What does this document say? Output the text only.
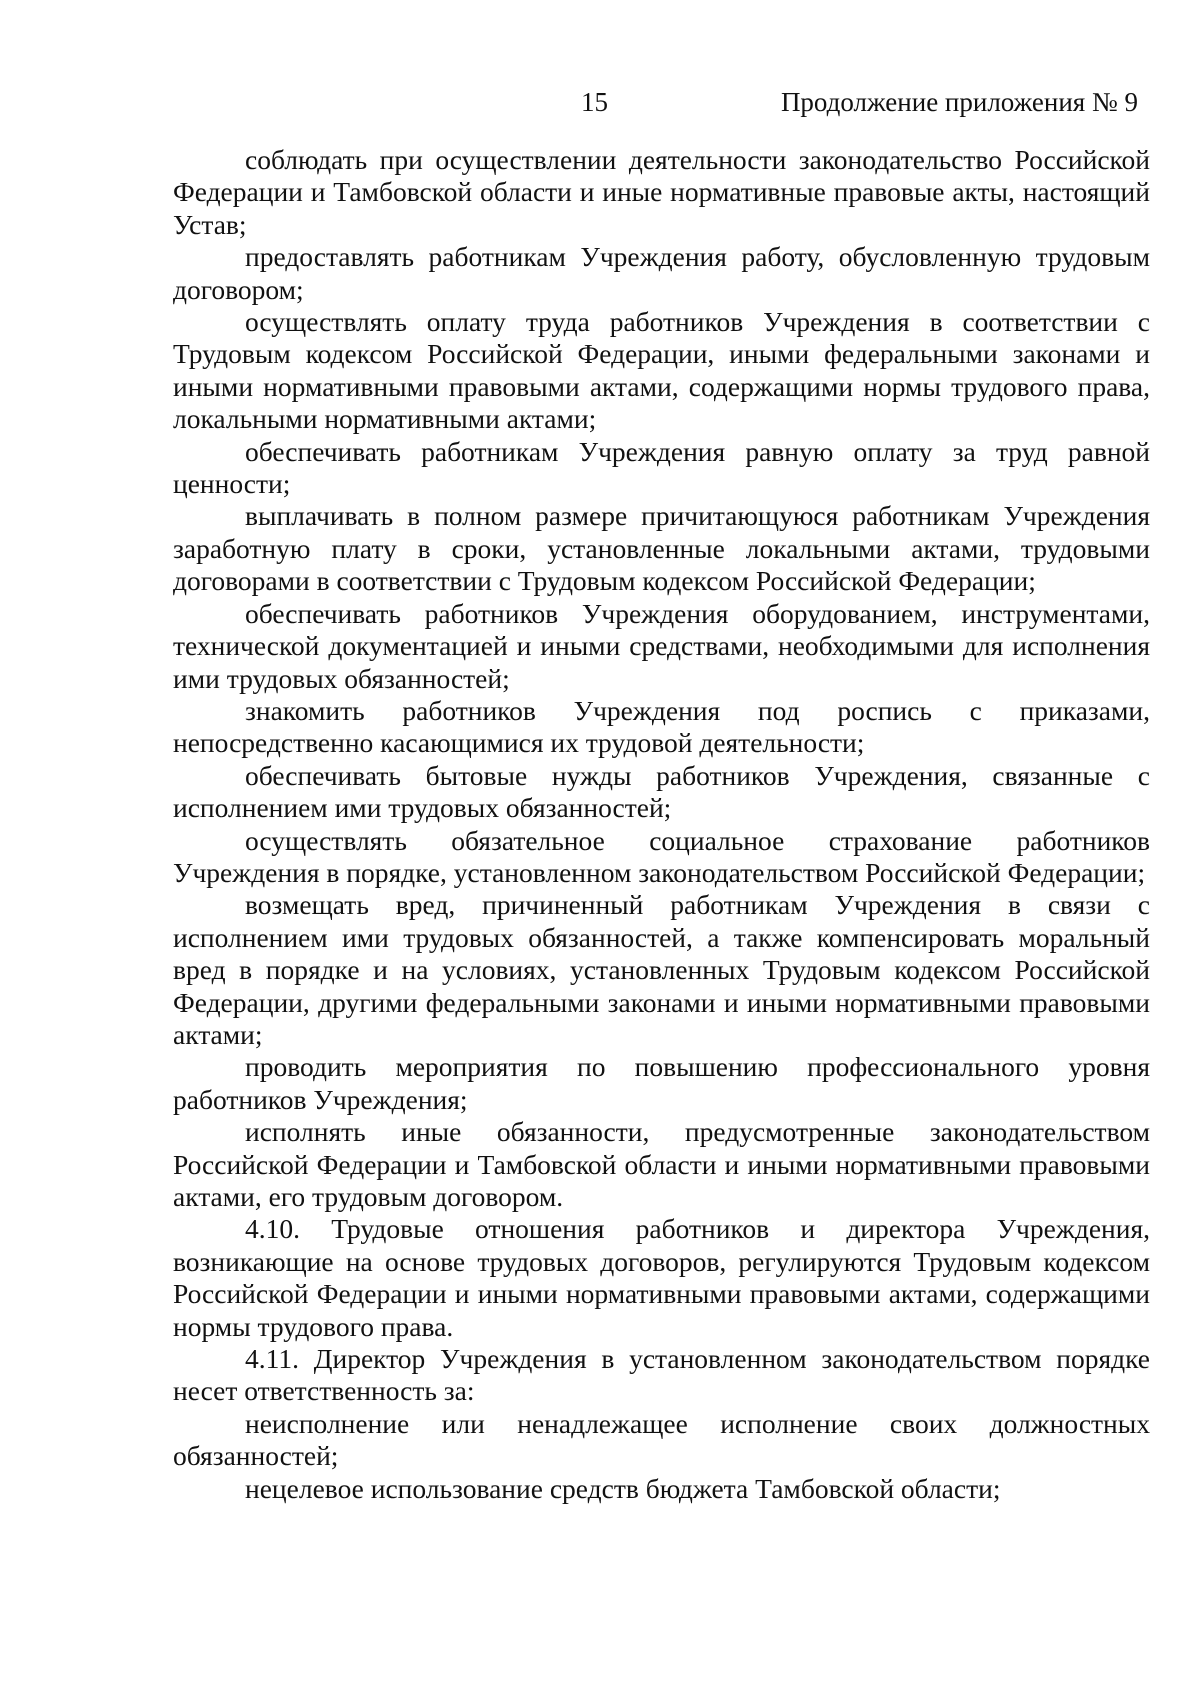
15	Продолжение приложения № 9

соблюдать при осуществлении деятельности законодательство Российской Федерации и Тамбовской области и иные нормативные правовые акты, настоящий Устав;

предоставлять работникам Учреждения работу, обусловленную трудовым договором;

осуществлять оплату труда работников Учреждения в соответствии с Трудовым кодексом Российской Федерации, иными федеральными законами и иными нормативными правовыми актами, содержащими нормы трудового права, локальными нормативными актами;

обеспечивать работникам Учреждения равную оплату за труд равной ценности;

выплачивать в полном размере причитающуюся работникам Учреждения заработную плату в сроки, установленные локальными актами, трудовыми договорами в соответствии с Трудовым кодексом Российской Федерации;

обеспечивать работников Учреждения оборудованием, инструментами, технической документацией и иными средствами, необходимыми для исполнения ими трудовых обязанностей;

знакомить работников Учреждения под роспись с приказами, непосредственно касающимися их трудовой деятельности;

обеспечивать бытовые нужды работников Учреждения, связанные с исполнением ими трудовых обязанностей;

осуществлять обязательное социальное страхование работников Учреждения в порядке, установленном законодательством Российской Федерации;

возмещать вред, причиненный работникам Учреждения в связи с исполнением ими трудовых обязанностей, а также компенсировать моральный вред в порядке и на условиях, установленных Трудовым кодексом Российской Федерации, другими федеральными законами и иными нормативными правовыми актами;

проводить мероприятия по повышению профессионального уровня работников Учреждения;

исполнять иные обязанности, предусмотренные законодательством Российской Федерации и Тамбовской области и иными нормативными правовыми актами, его трудовым договором.

4.10. Трудовые отношения работников и директора Учреждения, возникающие на основе трудовых договоров, регулируются Трудовым кодексом Российской Федерации и иными нормативными правовыми актами, содержащими нормы трудового права.

4.11. Директор Учреждения в установленном законодательством порядке несет ответственность за:

неисполнение или ненадлежащее исполнение своих должностных обязанностей;

нецелевое использование средств бюджета Тамбовской области;
